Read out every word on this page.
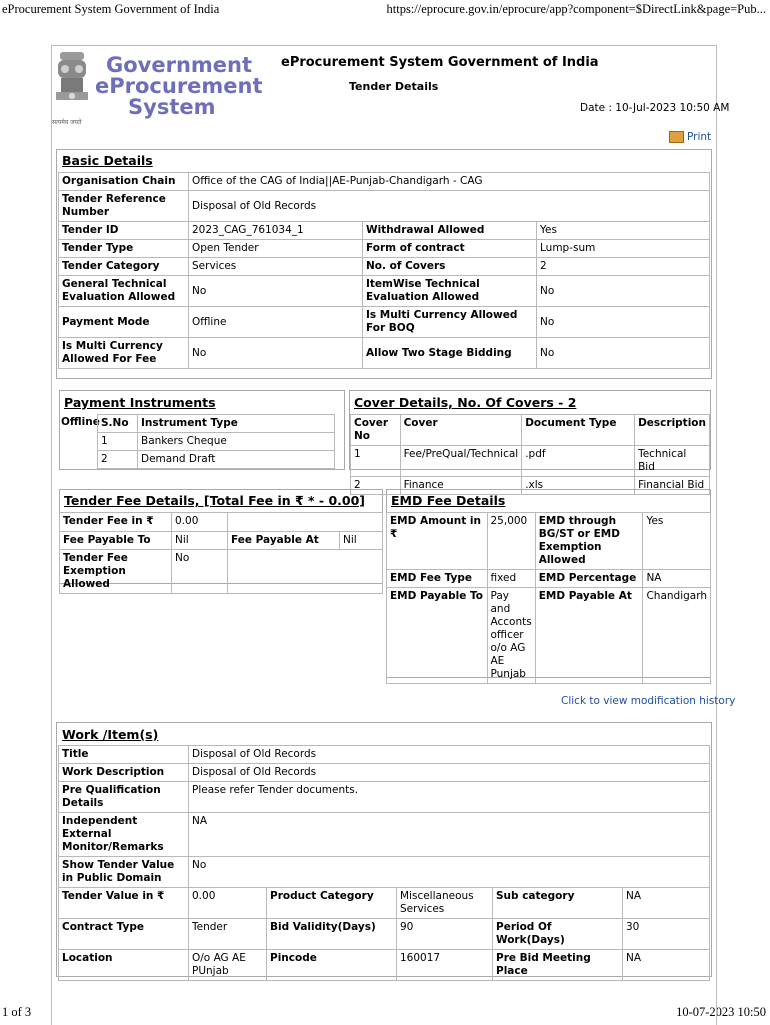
eProcurement System Government of India	https://eprocure.gov.in/eprocure/app?component=$DirectLink&page=Pub...
1 of 3	10-07-2023 10:50
सत्यमेव जयते
Government
eProcurement
System
eProcurement System Government of India
Tender Details
Date : 10-Jul-2023 10:50 AM
Print
Basic Details
Organisation Chain	Office of the CAG of India||AE-Punjab-Chandigarh - CAG		
Tender Reference Number	Disposal of Old Records		
Tender ID	2023_CAG_761034_1	Withdrawal Allowed	Yes
Tender Type	Open Tender	Form of contract	Lump-sum
Tender Category	Services	No. of Covers	2
General Technical Evaluation Allowed	No	ItemWise Technical Evaluation Allowed	No
Payment Mode	Offline	Is Multi Currency Allowed For BOQ	No
Is Multi Currency Allowed For Fee	No	Allow Two Stage Bidding	No
Payment Instruments
Offline S.No	Instrument Type
1	Bankers Cheque
2	Demand Draft
Cover Details, No. Of Covers - 2
Cover No	Cover	Document Type	Description
1	Fee/PreQual/Technical	.pdf	Technical Bid
2	Finance	.xls	Financial Bid
Tender Fee Details, [Total Fee in ₹ * - 0.00]
Tender Fee in ₹	0.00		
Fee Payable To	Nil	Fee Payable At	Nil
Tender Fee Exemption Allowed	No		
EMD Fee Details
EMD Amount in ₹	25,000	EMD through BG/ST or EMD Exemption Allowed	Yes
EMD Fee Type	fixed	EMD Percentage	NA
EMD Payable To	Pay and Acconts officer o/o AG AE Punjab	EMD Payable At	Chandigarh
Click to view modification history
Work /Item(s)
Title	Disposal of Old Records				
Work Description	Disposal of Old Records				
Pre Qualification Details	Please refer Tender documents.				
Independent External Monitor/Remarks	NA				
Show Tender Value in Public Domain	No				
Tender Value in ₹	0.00	Product Category	Miscellaneous Services	Sub category	NA
Contract Type	Tender	Bid Validity(Days)	90	Period Of Work(Days)	30
Location	O/o AG AE PUnjab	Pincode	160017	Pre Bid Meeting Place	NA
